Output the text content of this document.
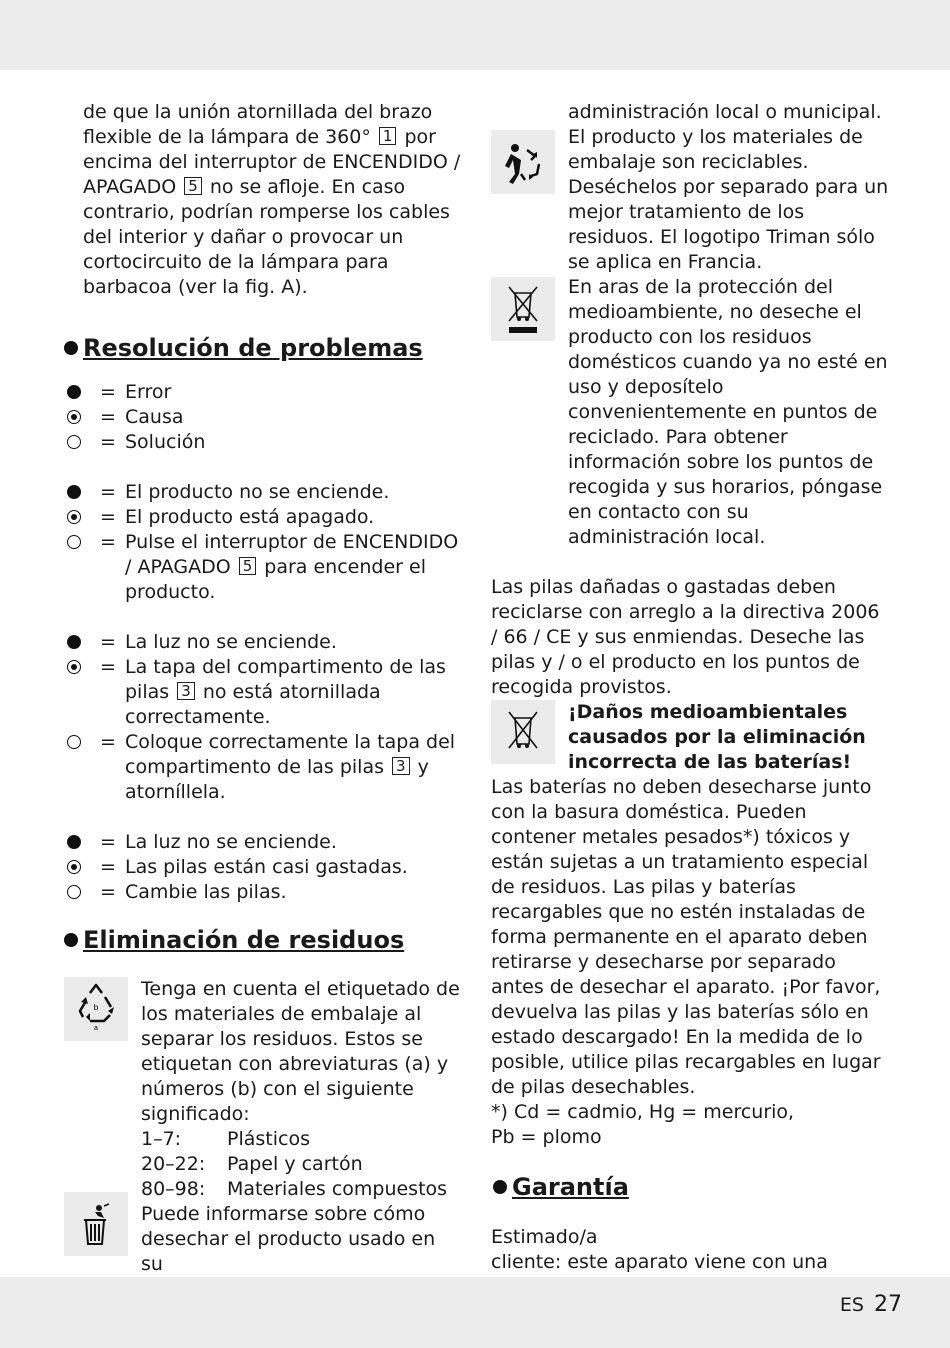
de que la unión atornillada del brazo flexible de la lámpara de 360° 1 por encima del interruptor de ENCENDIDO / APAGADO 5 no se afloje. En caso contrario, podrían romperse los cables del interior y dañar o provocar un cortocircuito de la lámpara para barbacoa (ver la fig. A).

Resolución de problemas
= Error
= Causa
= Solución
= El producto no se enciende.
= El producto está apagado.
= Pulse el interruptor de ENCENDIDO / APAGADO 5 para encender el producto.
= La luz no se enciende.
= La tapa del compartimento de las pilas 3 no está atornillada correctamente.
= Coloque correctamente la tapa del compartimento de las pilas 3 y atorníllela.
= La luz no se enciende.
= Las pilas están casi gastadas.
= Cambie las pilas.
Eliminación de residuos
b
a

Tenga en cuenta el etiquetado de los materiales de embalaje al separar los residuos. Estos se etiquetan con abreviaturas (a) y números (b) con el siguiente significado:

1–7:	Plásticos
20–22:	Papel y cartón
80–98:	Materiales compuestos

Puede informarse sobre cómo desechar el producto usado en su

administración local o municipal.

El producto y los materiales de embalaje son reciclables. Deséchelos por separado para un mejor tratamiento de los residuos. El logotipo Triman sólo se aplica en Francia.

En aras de la protección del medioambiente, no deseche el producto con los residuos domésticos cuando ya no esté en uso y deposítelo convenientemente en puntos de reciclado. Para obtener información sobre los puntos de recogida y sus horarios, póngase en contacto con su administración local.

Las pilas dañadas o gastadas deben reciclarse con arreglo a la directiva 2006 / 66 / CE y sus enmiendas. Deseche las pilas y / o el producto en los puntos de recogida provistos.

¡Daños medioambientales causados por la eliminación incorrecta de las baterías!

Las baterías no deben desecharse junto con la basura doméstica. Pueden contener metales pesados*) tóxicos y están sujetas a un tratamiento especial de residuos. Las pilas y baterías recargables que no estén instaladas de forma permanente en el aparato deben retirarse y desecharse por separado antes de desechar el aparato. ¡Por favor, devuelva las pilas y las baterías sólo en estado descargado! En la medida de lo posible, utilice pilas recargables en lugar de pilas desechables.

*) Cd = cadmio, Hg = mercurio,

Pb = plomo

Garantía

Estimado/a

cliente: este aparato viene con una

ES 27
